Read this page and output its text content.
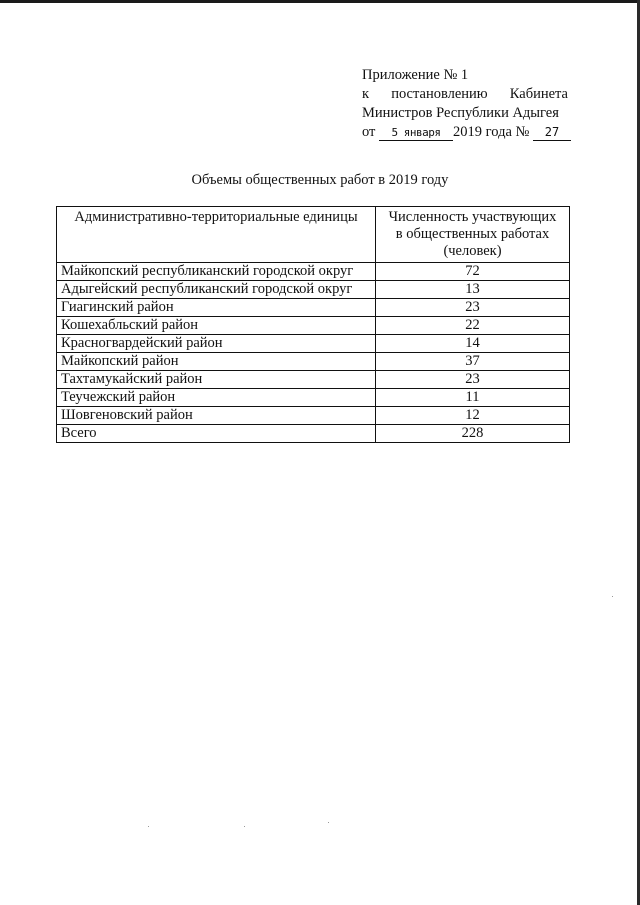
Приложение № 1
к постановлению Кабинета
Министров Республики Адыгея
от 5 января 2019 года № 27
Объемы общественных работ в 2019 году
Административно-территориальные единицы	Численность участвующих
в общественных работах
(человек)

Майкопский республиканский городской округ	72
Адыгейский республиканский городской округ	13
Гиагинский район	23
Кошехабльский район	22
Красногвардейский район	14
Майкопский район	37
Тахтамукайский район	23
Теучежский район	11
Шовгеновский район	12
Всего	228
